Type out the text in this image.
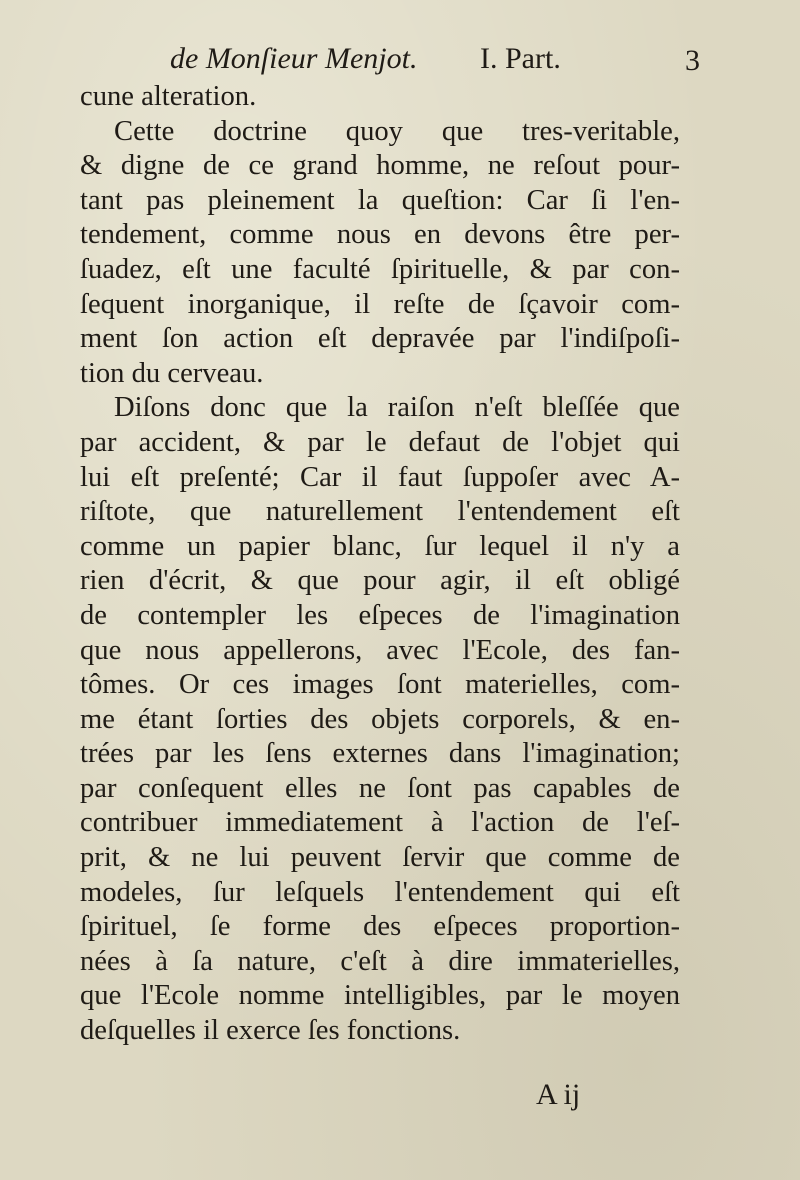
de Monſieur Menjot. I. Part.	3
cune alteration.
Cette doctrine quoy que tres-veritable,
& digne de ce grand homme, ne reſout pour-
tant pas pleinement la queſtion: Car ſi l'en-
tendement, comme nous en devons être per-
ſuadez, eſt une faculté ſpirituelle, & par con-
ſequent inorganique, il reſte de ſçavoir com-
ment ſon action eſt depravée par l'indiſpoſi-
tion du cerveau.
Diſons donc que la raiſon n'eſt bleſſée que
par accident, & par le defaut de l'objet qui
lui eſt preſenté; Car il faut ſuppoſer avec A-
riſtote, que naturellement l'entendement eſt
comme un papier blanc, ſur lequel il n'y a
rien d'écrit, & que pour agir, il eſt obligé
de contempler les eſpeces de l'imagination
que nous appellerons, avec l'Ecole, des fan-
tômes. Or ces images ſont materielles, com-
me étant ſorties des objets corporels, & en-
trées par les ſens externes dans l'imagination;
par conſequent elles ne ſont pas capables de
contribuer immediatement à l'action de l'eſ-
prit, & ne lui peuvent ſervir que comme de
modeles, ſur leſquels l'entendement qui eſt
ſpirituel, ſe forme des eſpeces proportion-
nées à ſa nature, c'eſt à dire immaterielles,
que l'Ecole nomme intelligibles, par le moyen
deſquelles il exerce ſes fonctions.
A ij
